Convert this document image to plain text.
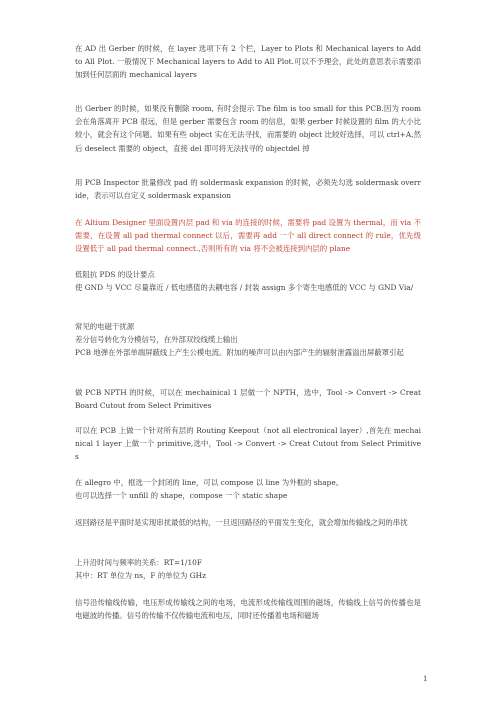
在 AD 出 Gerber 的时候，在 layer 选项下有 2 个栏，Layer to Plots 和 Mechanical layers to Add to All Plot. 一般情况下 Mechanical layers to Add to All Plot.可以不予理会，此处的意思表示需要添加到任何层面的 mechanical layers
出 Gerber 的时候，如果没有删除 room, 有时会提示 The film is too small for this PCB.因为 room 会在角落离开 PCB 很远，但是 gerber 需要包含 room 的信息，如果 gerber 时候设置的 film 的大小比较小，就会有这个问题。如果有些 object 实在无法寻找，而需要的 object 比较好选择，可以 ctrl+A,然后 deselect 需要的 object，直接 del 即可将无法找寻的 objectdel 掉
用 PCB Inspector 批量修改 pad 的 soldermask expansion 的时候，必须先勾选 soldermask override，表示可以自定义 soldermask expansion
在 Altium Designer 里面设置内层 pad 和 via 的连接的时候，需要将 pad 设置为 thermal，而 via 不需要，在设置 all pad thermal connect 以后，需要再 add 一个 all direct connect 的 rule，优先级设置低于 all pad thermal connect.,否则所有的 via 将不会被连接到内层的 plane
低阻抗 PDS 的设计要点
使 GND 与 VCC 尽量靠近 / 低电感值的去耦电容 / 封装 assign 多个寄生电感低的 VCC 与 GND Via/
常见的电磁干扰源
差分信号转化为分模信号，在外部双绞线缆上输出
PCB 地弹在外部单端屏蔽线上产生公模电流。附加的噪声可以由内部产生的辐射泄露溢出屏蔽罩引起
做 PCB NPTH 的时候，可以在 mechainical 1 层做一个 NPTH，选中，Tool -> Convert -> Creat Board Cutout from Select Primitives
可以在 PCB 上做一个针对所有层的 Routing Keepout（not all electronical layer）,首先在 mechainical 1 layer 上做一个 primitive,选中，Tool -> Convert -> Creat Cutout from Select Primitives
在 allegro 中，框选一个封闭的 line，可以 compose 以 line 为外框的 shape。
也可以选择一个 unfill 的 shape，compose 一个 static shape
返回路径是平面时是实现串扰最低的结构，一旦返回路径的平面发生变化，就会增加传输线之间的串扰
上升沿时间与频率的关系：RT=1/10F
其中：RT 单位为 ns，F 的单位为 GHz
信号沿传输线传输，电压形成传输线之间的电场，电流形成传输线周围的磁场，传输线上信号的传播也是电磁波的传播。信号的传输不仅传输电流和电压，同时还传播着电场和磁场
1
